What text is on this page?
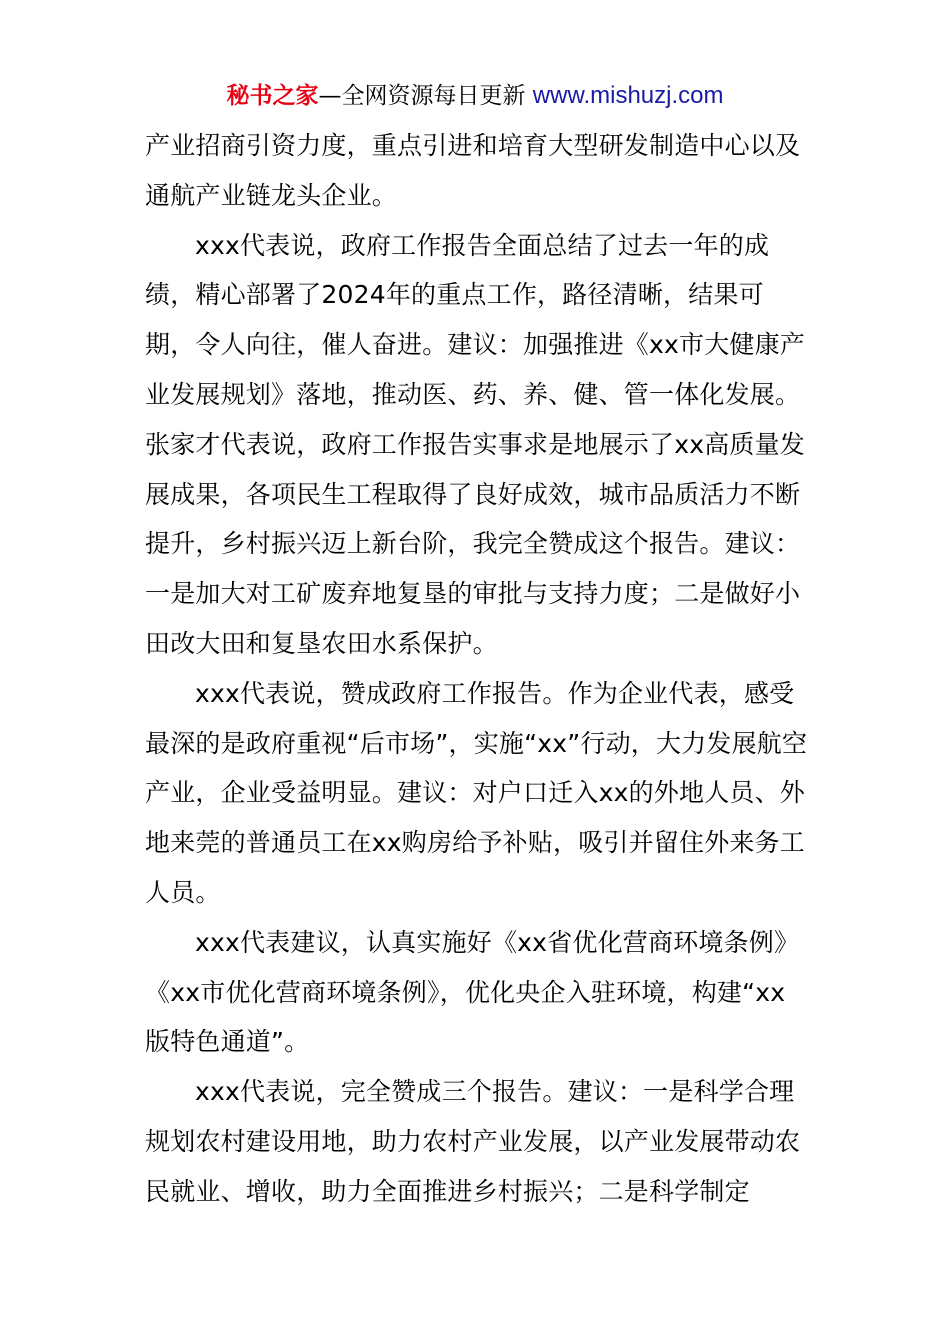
秘书之家—全网资源每日更新 www.mishuzj.com

产业招商引资力度，重点引进和培育大型研发制造中心以及通航产业链龙头企业。

xxx代表说，政府工作报告全面总结了过去一年的成绩，精心部署了2024年的重点工作，路径清晰，结果可期，令人向往，催人奋进。建议：加强推进《xx市大健康产业发展规划》落地，推动医、药、养、健、管一体化发展。张家才代表说，政府工作报告实事求是地展示了xx高质量发展成果，各项民生工程取得了良好成效，城市品质活力不断提升，乡村振兴迈上新台阶，我完全赞成这个报告。建议：一是加大对工矿废弃地复垦的审批与支持力度；二是做好小田改大田和复垦农田水系保护。

xxx代表说，赞成政府工作报告。作为企业代表，感受最深的是政府重视“后市场”，实施“xx”行动，大力发展航空产业，企业受益明显。建议：对户口迁入xx的外地人员、外地来莞的普通员工在xx购房给予补贴，吸引并留住外来务工人员。

xxx代表建议，认真实施好《xx省优化营商环境条例》《xx市优化营商环境条例》，优化央企入驻环境，构建“xx版特色通道”。

xxx代表说，完全赞成三个报告。建议：一是科学合理规划农村建设用地，助力农村产业发展，以产业发展带动农民就业、增收，助力全面推进乡村振兴；二是科学制定
